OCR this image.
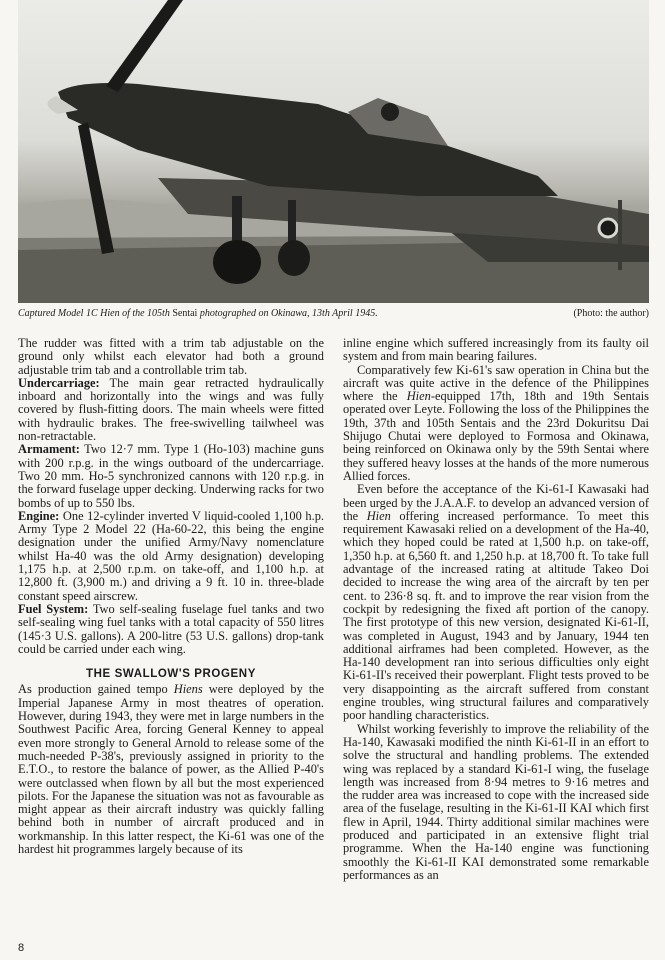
Captured Model 1C Hien of the 105th Sentai photographed on Okinawa, 13th April 1945.	(Photo: the author)

The rudder was fitted with a trim tab adjustable on the ground only whilst each elevator had both a ground adjustable trim tab and a controllable trim tab.

Undercarriage: The main gear retracted hydraulically inboard and horizontally into the wings and was fully covered by flush-fitting doors. The main wheels were fitted with hydraulic brakes. The free-swivelling tailwheel was non-retractable.

Armament: Two 12·7 mm. Type 1 (Ho-103) machine guns with 200 r.p.g. in the wings outboard of the undercarriage. Two 20 mm. Ho-5 synchronized cannons with 120 r.p.g. in the forward fuselage upper decking. Underwing racks for two bombs of up to 550 lbs.

Engine: One 12-cylinder inverted V liquid-cooled 1,100 h.p. Army Type 2 Model 22 (Ha-60-22, this being the engine designation under the unified Army/Navy nomenclature whilst Ha-40 was the old Army designation) developing 1,175 h.p. at 2,500 r.p.m. on take-off, and 1,100 h.p. at 12,800 ft. (3,900 m.) and driving a 9 ft. 10 in. three-blade constant speed airscrew.

Fuel System: Two self-sealing fuselage fuel tanks and two self-sealing wing fuel tanks with a total capacity of 550 litres (145·3 U.S. gallons). A 200-litre (53 U.S. gallons) drop-tank could be carried under each wing.

THE SWALLOW'S PROGENY

As production gained tempo Hiens were deployed by the Imperial Japanese Army in most theatres of operation. However, during 1943, they were met in large numbers in the Southwest Pacific Area, forcing General Kenney to appeal even more strongly to General Arnold to release some of the much-needed P-38's, previously assigned in priority to the E.T.O., to restore the balance of power, as the Allied P-40's were outclassed when flown by all but the most experienced pilots. For the Japanese the situation was not as favourable as might appear as their aircraft industry was quickly falling behind both in number of aircraft produced and in workmanship. In this latter respect, the Ki-61 was one of the hardest hit programmes largely because of its

inline engine which suffered increasingly from its faulty oil system and from main bearing failures.

Comparatively few Ki-61's saw operation in China but the aircraft was quite active in the defence of the Philippines where the Hien-equipped 17th, 18th and 19th Sentais operated over Leyte. Following the loss of the Philippines the 19th, 37th and 105th Sentais and the 23rd Dokuritsu Dai Shijugo Chutai were deployed to Formosa and Okinawa, being reinforced on Okinawa only by the 59th Sentai where they suffered heavy losses at the hands of the more numerous Allied forces.

Even before the acceptance of the Ki-61-I Kawasaki had been urged by the J.A.A.F. to develop an advanced version of the Hien offering increased performance. To meet this requirement Kawasaki relied on a development of the Ha-40, which they hoped could be rated at 1,500 h.p. on take-off, 1,350 h.p. at 6,560 ft. and 1,250 h.p. at 18,700 ft. To take full advantage of the increased rating at altitude Takeo Doi decided to increase the wing area of the aircraft by ten per cent. to 236·8 sq. ft. and to improve the rear vision from the cockpit by redesigning the fixed aft portion of the canopy. The first prototype of this new version, designated Ki-61-II, was completed in August, 1943 and by January, 1944 ten additional airframes had been completed. However, as the Ha-140 development ran into serious difficulties only eight Ki-61-II's received their powerplant. Flight tests proved to be very disappointing as the aircraft suffered from constant engine troubles, wing structural failures and comparatively poor handling characteristics.

Whilst working feverishly to improve the reliability of the Ha-140, Kawasaki modified the ninth Ki-61-II in an effort to solve the structural and handling problems. The extended wing was replaced by a standard Ki-61-I wing, the fuselage length was increased from 8·94 metres to 9·16 metres and the rudder area was increased to cope with the increased side area of the fuselage, resulting in the Ki-61-II KAI which first flew in April, 1944. Thirty additional similar machines were produced and participated in an extensive flight trial programme. When the Ha-140 engine was functioning smoothly the Ki-61-II KAI demonstrated some remarkable performances as an

8
